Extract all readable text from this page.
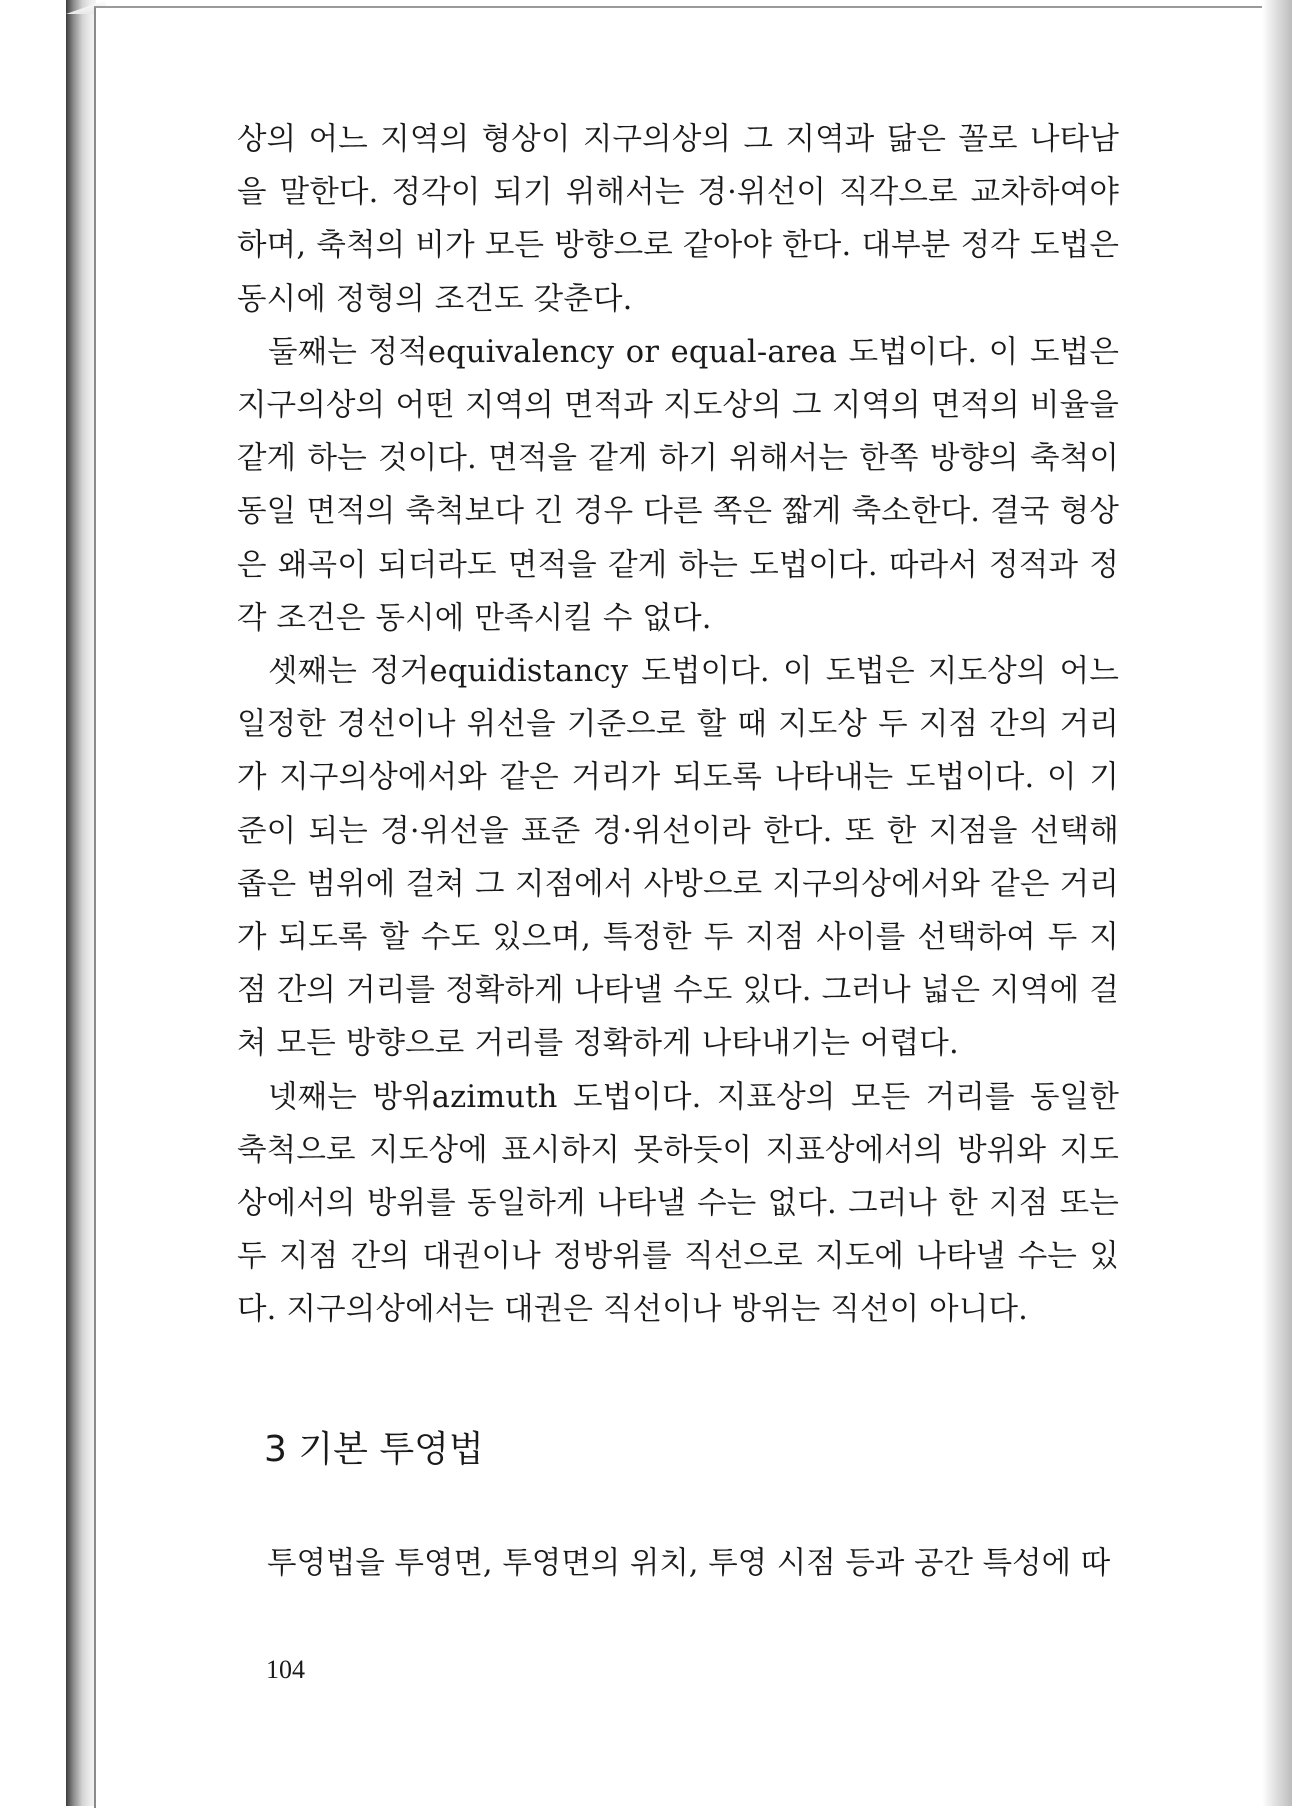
상의 어느 지역의 형상이 지구의상의 그 지역과 닮은 꼴로 나타남을 말한다. 정각이 되기 위해서는 경·위선이 직각으로 교차하여야 하며, 축척의 비가 모든 방향으로 같아야 한다. 대부분 정각 도법은 동시에 정형의 조건도 갖춘다.

둘째는 정적equivalency or equal-area 도법이다. 이 도법은 지구의상의 어떤 지역의 면적과 지도상의 그 지역의 면적의 비율을 같게 하는 것이다. 면적을 같게 하기 위해서는 한쪽 방향의 축척이 동일 면적의 축척보다 긴 경우 다른 쪽은 짧게 축소한다. 결국 형상은 왜곡이 되더라도 면적을 같게 하는 도법이다. 따라서 정적과 정각 조건은 동시에 만족시킬 수 없다.

셋째는 정거equidistancy 도법이다. 이 도법은 지도상의 어느 일정한 경선이나 위선을 기준으로 할 때 지도상 두 지점 간의 거리가 지구의상에서와 같은 거리가 되도록 나타내는 도법이다. 이 기준이 되는 경·위선을 표준 경·위선이라 한다. 또 한 지점을 선택해 좁은 범위에 걸쳐 그 지점에서 사방으로 지구의상에서와 같은 거리가 되도록 할 수도 있으며, 특정한 두 지점 사이를 선택하여 두 지점 간의 거리를 정확하게 나타낼 수도 있다. 그러나 넓은 지역에 걸쳐 모든 방향으로 거리를 정확하게 나타내기는 어렵다.

넷째는 방위azimuth 도법이다. 지표상의 모든 거리를 동일한 축척으로 지도상에 표시하지 못하듯이 지표상에서의 방위와 지도상에서의 방위를 동일하게 나타낼 수는 없다. 그러나 한 지점 또는 두 지점 간의 대권이나 정방위를 직선으로 지도에 나타낼 수는 있다. 지구의상에서는 대권은 직선이나 방위는 직선이 아니다.

3 기본 투영법

투영법을 투영면, 투영면의 위치, 투영 시점 등과 공간 특성에 따

104
